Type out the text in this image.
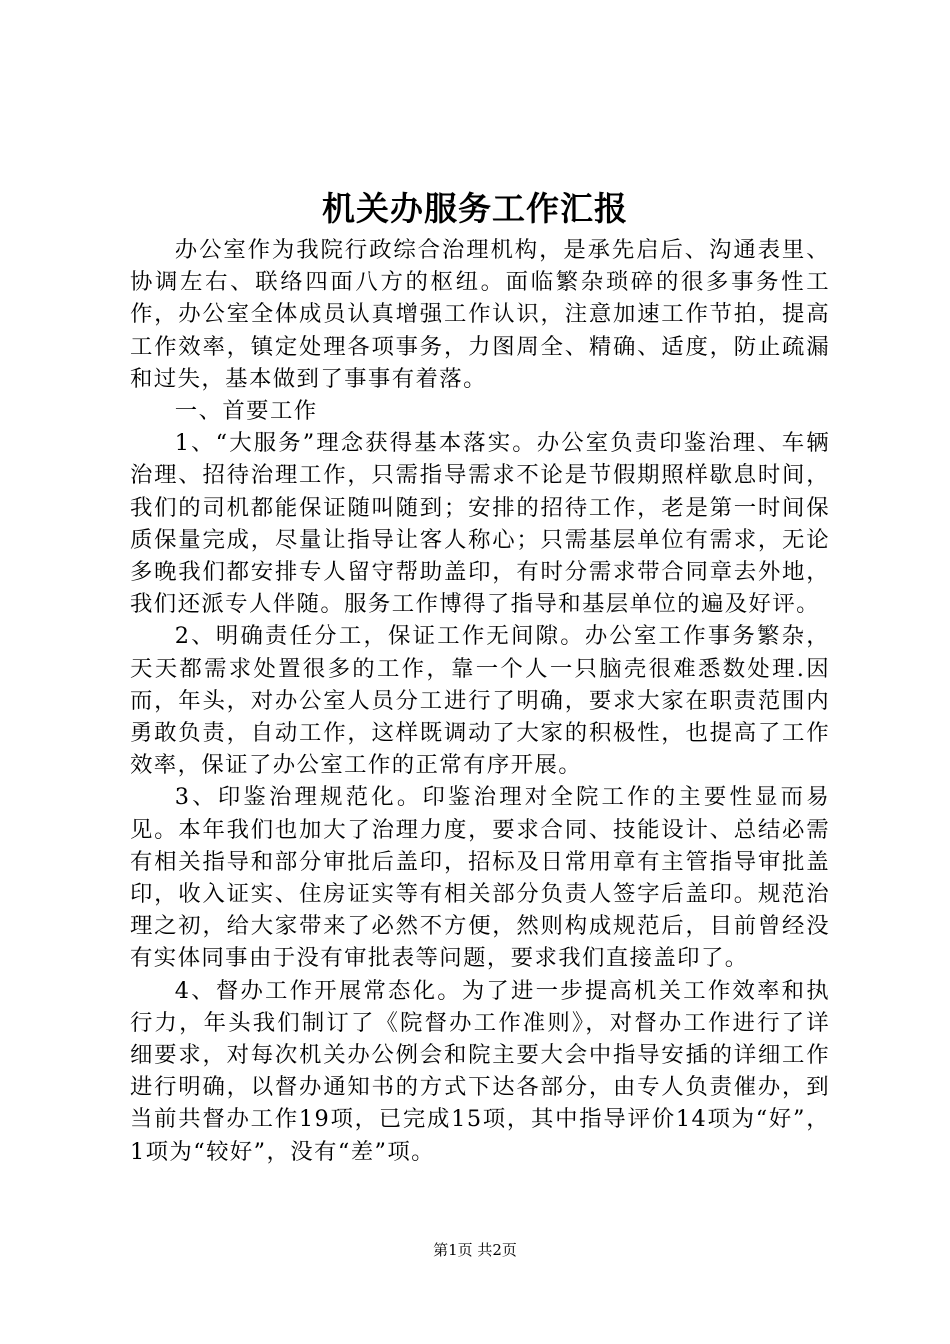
机关办服务工作汇报

办公室作为我院行政综合治理机构，是承先启后、沟通表里、协调左右、联络四面八方的枢纽。面临繁杂琐碎的很多事务性工作，办公室全体成员认真增强工作认识，注意加速工作节拍，提高工作效率，镇定处理各项事务，力图周全、精确、适度，防止疏漏和过失，基本做到了事事有着落。

一、首要工作

1、“大服务”理念获得基本落实。办公室负责印鉴治理、车辆治理、招待治理工作，只需指导需求不论是节假期照样歇息时间，我们的司机都能保证随叫随到；安排的招待工作，老是第一时间保质保量完成，尽量让指导让客人称心；只需基层单位有需求，无论多晚我们都安排专人留守帮助盖印，有时分需求带合同章去外地，我们还派专人伴随。服务工作博得了指导和基层单位的遍及好评。

2、明确责任分工，保证工作无间隙。办公室工作事务繁杂，天天都需求处置很多的工作，靠一个人一只脑壳很难悉数处理.因而，年头，对办公室人员分工进行了明确，要求大家在职责范围内勇敢负责，自动工作，这样既调动了大家的积极性，也提高了工作效率，保证了办公室工作的正常有序开展。

3、印鉴治理规范化。印鉴治理对全院工作的主要性显而易见。本年我们也加大了治理力度，要求合同、技能设计、总结必需有相关指导和部分审批后盖印，招标及日常用章有主管指导审批盖印，收入证实、住房证实等有相关部分负责人签字后盖印。规范治理之初，给大家带来了必然不方便，然则构成规范后，目前曾经没有实体同事由于没有审批表等问题，要求我们直接盖印了。

4、督办工作开展常态化。为了进一步提高机关工作效率和执行力，年头我们制订了《院督办工作准则》，对督办工作进行了详细要求，对每次机关办公例会和院主要大会中指导安插的详细工作进行明确，以督办通知书的方式下达各部分，由专人负责催办，到当前共督办工作19项，已完成15项，其中指导评价14项为“好”，1项为“较好”，没有“差”项。

第1页 共2页
